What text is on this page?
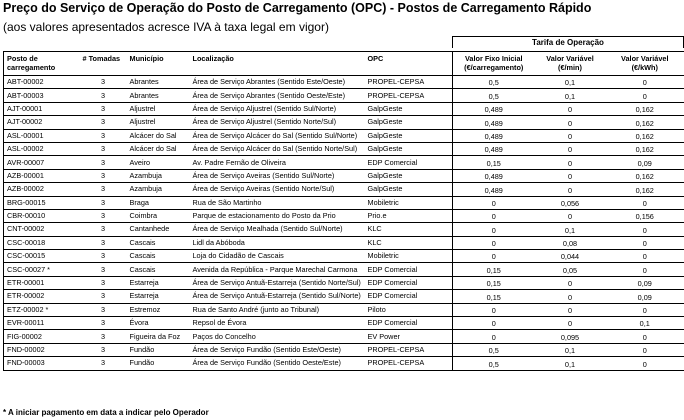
Preço do Serviço de Operação do Posto de Carregamento (OPC) - Postos de Carregamento Rápido
(aos valores apresentados acresce IVA à taxa legal em vigor)
Tarifa de Operação
Posto de carregamento	# Tomadas	Município	Localização	OPC	Valor Fixo Inicial (€/carregamento)	Valor Variável (€/min)	Valor Variável (€/kWh)
ABT-00002	3	Abrantes	Área de Serviço Abrantes (Sentido Este/Oeste)	PROPEL-CEPSA	0,5	0,1	0
ABT-00003	3	Abrantes	Área de Serviço Abrantes (Sentido Oeste/Este)	PROPEL-CEPSA	0,5	0,1	0
AJT-00001	3	Aljustrel	Área de Serviço Aljustrel (Sentido Sul/Norte)	GalpGeste	0,489	0	0,162
AJT-00002	3	Aljustrel	Área de Serviço Aljustrel (Sentido Norte/Sul)	GalpGeste	0,489	0	0,162
ASL-00001	3	Alcácer do Sal	Área de Serviço Alcácer do Sal (Sentido Sul/Norte)	GalpGeste	0,489	0	0,162
ASL-00002	3	Alcácer do Sal	Área de Serviço Alcácer do Sal (Sentido Norte/Sul)	GalpGeste	0,489	0	0,162
AVR-00007	3	Aveiro	Av. Padre Fernão de Oliveira	EDP Comercial	0,15	0	0,09
AZB-00001	3	Azambuja	Área de Serviço Aveiras (Sentido Sul/Norte)	GalpGeste	0,489	0	0,162
AZB-00002	3	Azambuja	Área de Serviço Aveiras (Sentido Norte/Sul)	GalpGeste	0,489	0	0,162
BRG-00015	3	Braga	Rua de São Martinho	Mobiletric	0	0,056	0
CBR-00010	3	Coimbra	Parque de estacionamento do Posto da Prio	Prio.e	0	0	0,156
CNT-00002	3	Cantanhede	Área de Serviço Mealhada (Sentido Sul/Norte)	KLC	0	0,1	0
CSC-00018	3	Cascais	Lidl da Abóboda	KLC	0	0,08	0
CSC-00015	3	Cascais	Loja do Cidadão de Cascais	Mobiletric	0	0,044	0
CSC-00027 *	3	Cascais	Avenida da República - Parque Marechal Carmona	EDP Comercial	0,15	0,05	0
ETR-00001	3	Estarreja	Área de Serviço Antuã-Estarreja (Sentido Norte/Sul)	EDP Comercial	0,15	0	0,09
ETR-00002	3	Estarreja	Área de Serviço Antuã-Estarreja (Sentido Sul/Norte)	EDP Comercial	0,15	0	0,09
ETZ-00002 *	3	Estremoz	Rua de Santo André (junto ao Tribunal)	Piloto	0	0	0
EVR-00011	3	Évora	Repsol de Évora	EDP Comercial	0	0	0,1
FIG-00002	3	Figueira da Foz	Paços do Concelho	EV Power	0	0,095	0
FND-00002	3	Fundão	Área de Serviço Fundão (Sentido Este/Oeste)	PROPEL-CEPSA	0,5	0,1	0
FND-00003	3	Fundão	Área de Serviço Fundão (Sentido Oeste/Este)	PROPEL-CEPSA	0,5	0,1	0
* A iniciar pagamento em data a indicar pelo Operador
